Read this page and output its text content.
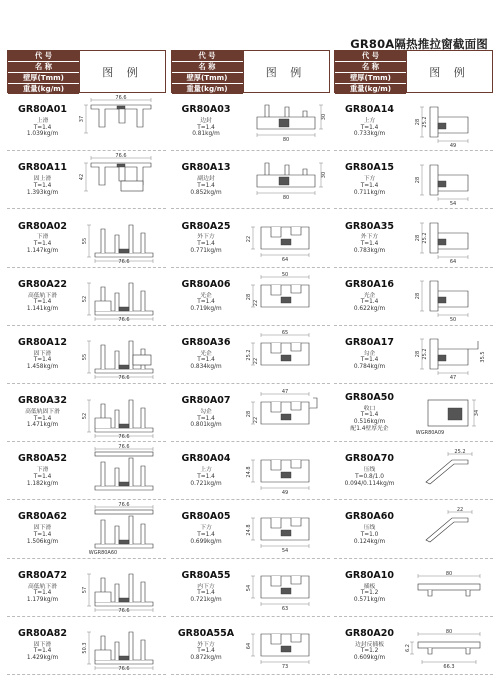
GR80A隔热推拉窗截面图
代 号
名 称
壁厚(Tmm)
重量(kg/m)
图 例
GR80A01
上滑
T=1.4
1.039kg/m
76.6
37
GR80A11
固上滑
T=1.4
1.393kg/m
76.6
42
GR80A02
下滑
T=1.4
1.147kg/m
55
76.6
GR80A22
高低轨下滑
T=1.4
1.141kg/m
52
76.6
GR80A12
固下滑
T=1.4
1.458kg/m
55
76.6
GR80A32
高低轨固下滑
T=1.4
1.471kg/m
52
76.6
GR80A52
下滑
T=1.4
1.182kg/m
76.6
GR80A62
固下滑
T=1.4
1.506kg/m
76.6
WGR80A60
GR80A72
高低轨下滑
T=1.4
1.179kg/m
57
76.6
GR80A82
固下滑
T=1.4
1.429kg/m
50.3
76.6
代 号
名 称
壁厚(Tmm)
重量(kg/m)
图 例
GR80A03
边封
T=1.4
0.81kg/m
80
30
GR80A13
副边封
T=1.4
0.852kg/m
80
30
GR80A25
外下方
T=1.4
0.771kg/m
22
64
GR80A06
光企
T=1.4
0.719kg/m
50
28
22
GR80A36
光企
T=1.4
0.834kg/m
65
25.2
22
GR80A07
勾企
T=1.4
0.801kg/m
47
28
22
GR80A04
上方
T=1.4
0.721kg/m
24.8
49
GR80A05
下方
T=1.4
0.699kg/m
24.8
54
GR80A55
内下方
T=1.4
0.721kg/m
54
63
GR80A55A
外下方
T=1.4
0.872kg/m
64
73
代 号
名 称
壁厚(Tmm)
重量(kg/m)
图 例
GR80A14
上方
T=1.4
0.733kg/m
28 25.2
49
GR80A15
下方
T=1.4
0.711kg/m
28
54
GR80A35
外下方
T=1.4
0.783kg/m
28 25.2
64
GR80A16
光企
T=1.4
0.622kg/m
28
50
GR80A17
勾企
T=1.4
0.784kg/m
28 25.2
47
35.5
GR80A50
收口
T=1.4
0.516kg/m
配1.4壁厚光企
34
WGR80A09
GR80A70
压线
T=0.8/1.0
0.094/0.114kg/m
25.2
GR80A60
压线
T=1.0
0.124kg/m
22
GR80A10
插板
T=1.2
0.571kg/m
80
GR80A20
边封反插板
T=1.2
0.609kg/m
80
66.3
6.2
